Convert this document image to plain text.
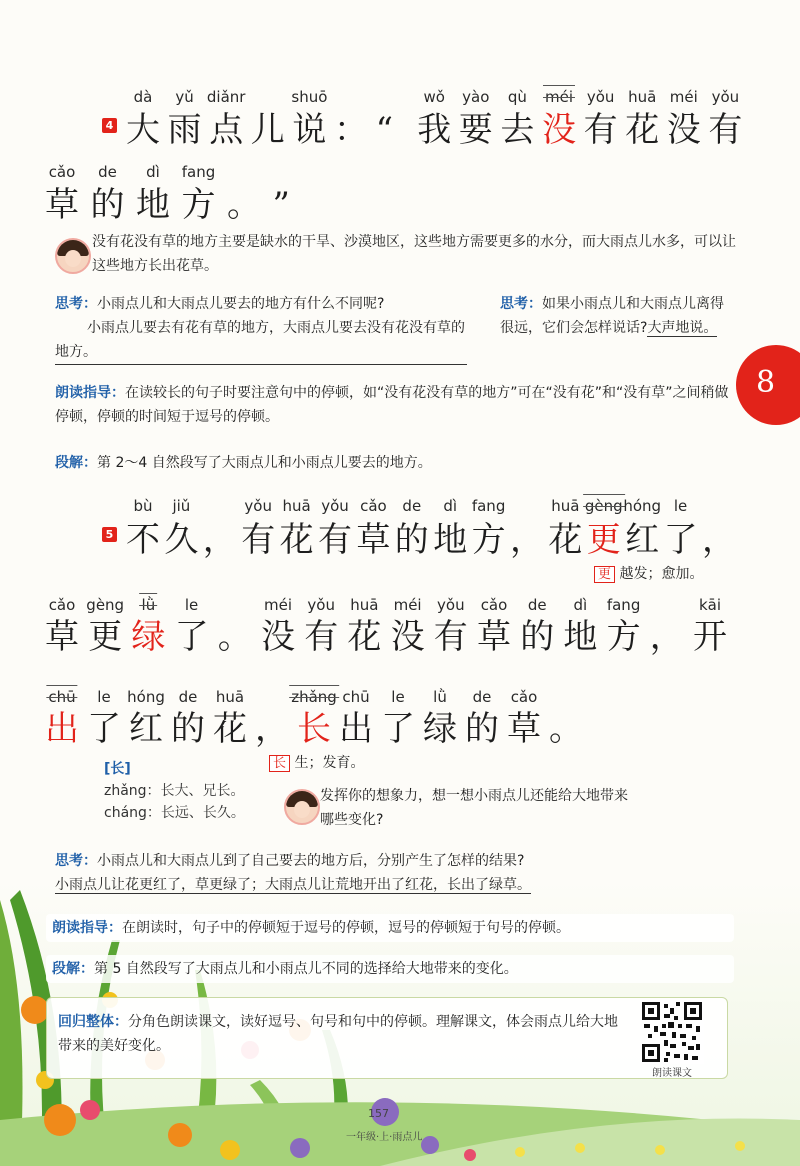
8
4 大
dà
雨
yǔ
点
diǎnr
儿 说
shuō
： “ 我
wǒ
要
yào
去
qù
没
méi
有
yǒu
花
huā
没
méi
有
yǒu
草
cǎo
的
de
地
dì
方
fang
。 ”
没有花没有草的地方主要是缺水的干旱、沙漠地区，这些地方需要更多的水分，而大雨点儿水多，可以让这些地方长出花草。
思考：小雨点儿和大雨点儿要去的地方有什么不同呢?
小雨点儿要去有花有草的地方，大雨点儿要去没有花没有草的地方。
思考：如果小雨点儿和大雨点儿离得很远，它们会怎样说话?大声地说。
朗读指导：在读较长的句子时要注意句中的停顿，如“没有花没有草的地方”可在“没有花”和“没有草”之间稍做停顿，停顿的时间短于逗号的停顿。
段解：第 2～4 自然段写了大雨点儿和小雨点儿要去的地方。
5 不
bù
久
jiǔ
， 有
yǒu
花
huā
有
yǒu
草
cǎo
的
de
地
dì
方
fang
， 花
huā
更
gèng
红
hóng
了
le
，
草
cǎo
更
gèng
绿
lǜ
了
le
。 没
méi
有
yǒu
花
huā
没
méi
有
yǒu
草
cǎo
的
de
地
dì
方
fang
， 开
kāi
出
chū
了
le
红
hóng
的
de
花
huā
， 长
zhǎng
出
chū
了
le
绿
lǜ
的
de
草
cǎo
。
更 越发；愈加。
长 生；发育。
[长]
zhǎng：长大、兄长。
cháng：长远、长久。
发挥你的想象力，想一想小雨点儿还能给大地带来哪些变化?
思考：小雨点儿和大雨点儿到了自己要去的地方后，分别产生了怎样的结果?
小雨点儿让花更红了，草更绿了；大雨点儿让荒地开出了红花，长出了绿草。
朗读指导：在朗读时，句子中的停顿短于逗号的停顿，逗号的停顿短于句号的停顿。
段解：第 5 自然段写了大雨点儿和小雨点儿不同的选择给大地带来的变化。
回归整体：分角色朗读课文，读好逗号、句号和句中的停顿。理解课文，体会雨点儿给大地带来的美好变化。
朗读课文
157
一年级·上·雨点儿
